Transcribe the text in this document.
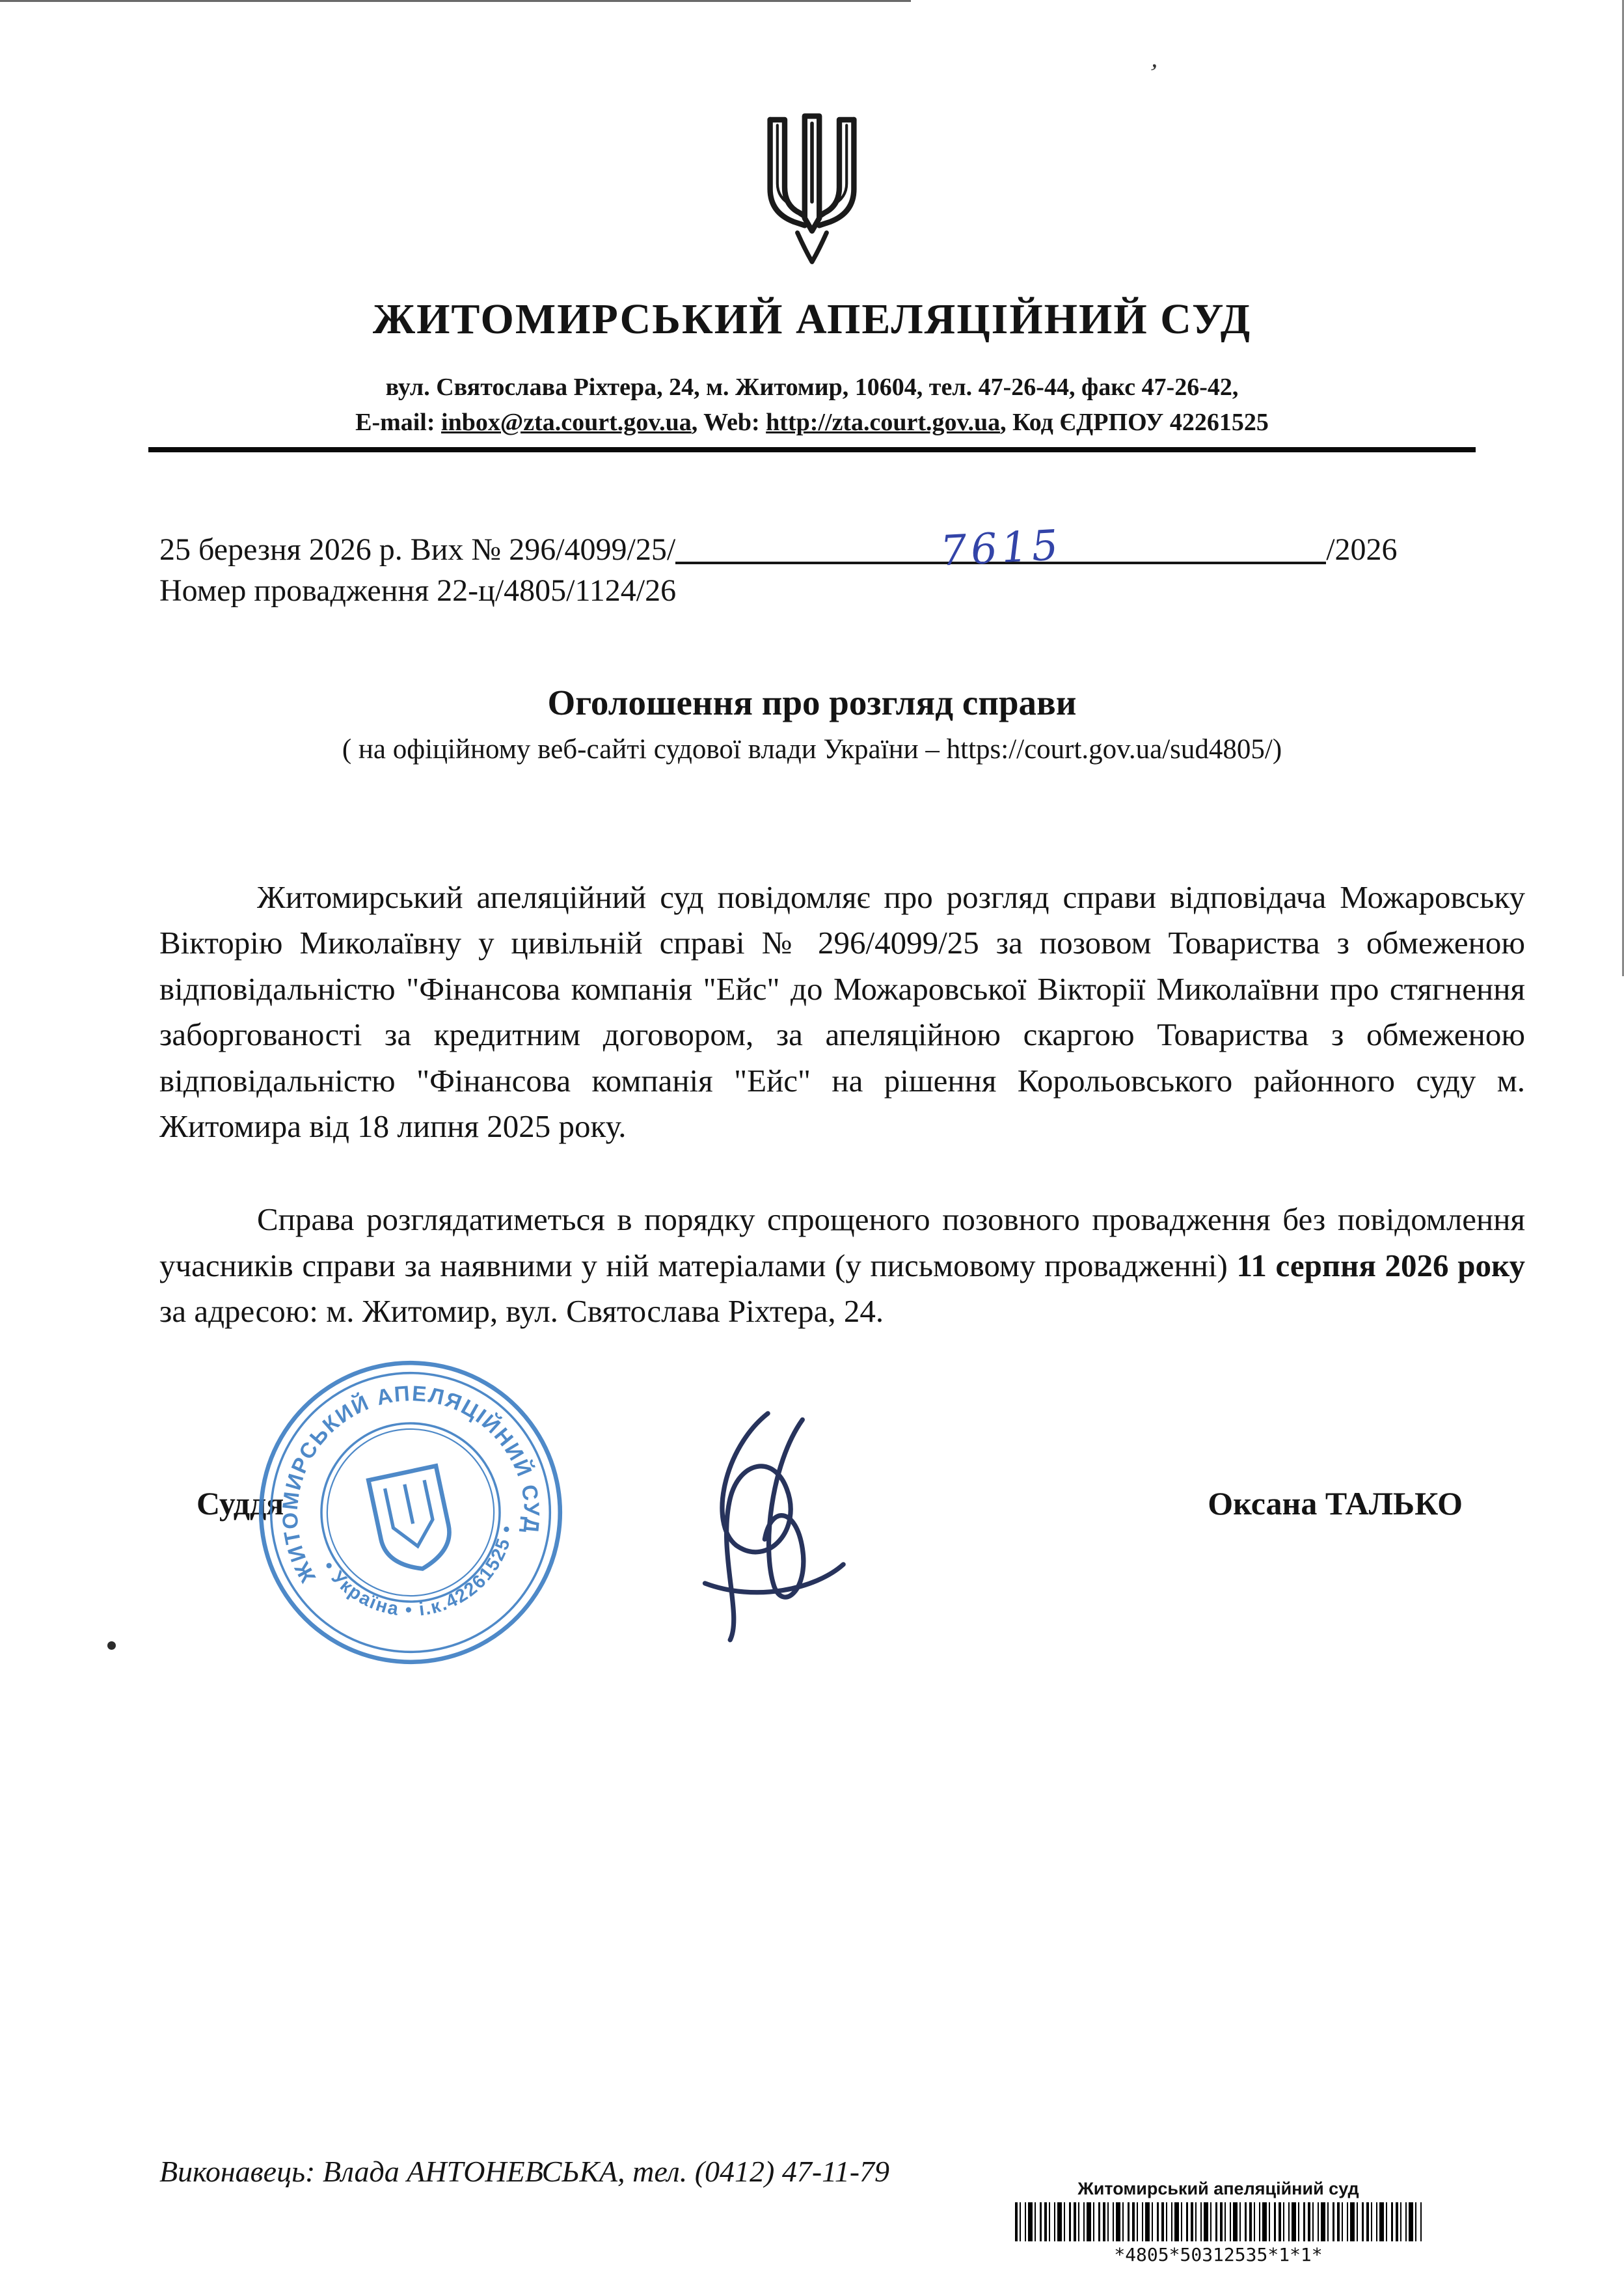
ʼ
ЖИТОМИРСЬКИЙ АПЕЛЯЦІЙНИЙ СУД
вул. Святослава Ріхтера, 24, м. Житомир, 10604, тел. 47-26-44, факс 47-26-42,
E-mail: inbox@zta.court.gov.ua, Web: http://zta.court.gov.ua, Код ЄДРПОУ 42261525
25 березня 2026 р. Вих № 296/4099/25/	7615	/2026
Номер провадження 22-ц/4805/1124/26
Оголошення про розгляд справи
( на офіційному веб-сайті судової влади України – https://court.gov.ua/sud4805/)

Житомирський апеляційний суд повідомляє про розгляд справи відповідача Можаровську Вікторію Миколаївну у цивільній справі № 296/4099/25 за позовом Товариства з обмеженою відповідальністю "Фінансова компанія "Ейс" до Можаровської Вікторії Миколаївни про стягнення заборгованості за кредитним договором, за апеляційною скаргою Товариства з обмеженою відповідальністю "Фінансова компанія "Ейс" на рішення Корольовського районного суду м. Житомира від 18 липня 2025 року.

Справа розглядатиметься в порядку спрощеного позовного провадження без повідомлення учасників справи за наявними у ній матеріалами (у письмовому провадженні) 11 серпня 2026 року за адресою: м. Житомир, вул. Святослава Ріхтера, 24.

Суддя
ЖИТОМИРСЬКИЙ АПЕЛЯЦІЙНИЙ СУД
• Україна • і.к.42261525 •
Оксана ТАЛЬКО
Виконавець: Влада АНТОНЕВСЬКА, тел. (0412) 47-11-79
Житомирський апеляційний суд
*4805*50312535*1*1*
